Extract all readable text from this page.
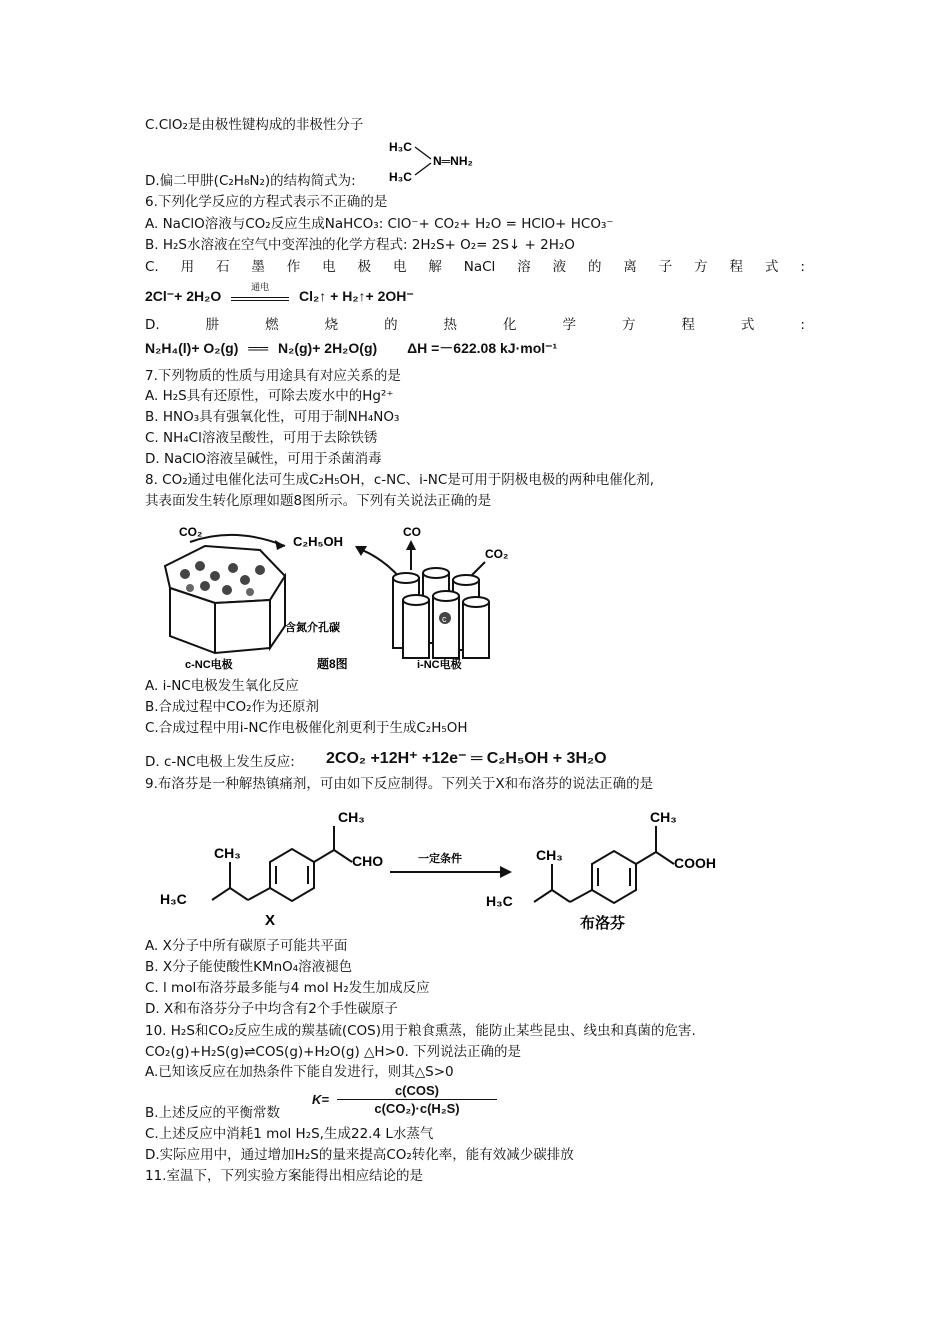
C.ClO₂是由极性键构成的非极性分子
H₃C
H₃C
N═NH₂
D.偏二甲肼(C₂H₈N₂)的结构简式为:
6.下列化学反应的方程式表示不正确的是
A. NaClO溶液与CO₂反应生成NaHCO₃: ClO⁻+ CO₂+ H₂O = HClO+ HCO₃⁻
B. H₂S水溶液在空气中变浑浊的化学方程式: 2H₂S+ O₂= 2S↓ + 2H₂O
C. 用 石 墨 作 电 极 电 解 NaCl 溶 液 的 离 子 方 程 式 :
2Cl⁻+ 2H₂O
通电
Cl₂↑ + H₂↑+ 2OH⁻
D.	肼	燃	烧	的	热	化	学	方	程	式	:
N₂H₄(l)+ O₂(g) ══ N₂(g)+ 2H₂O(g) ΔH =－622.08 kJ·mol⁻¹
7.下列物质的性质与用途具有对应关系的是
A. H₂S具有还原性，可除去废水中的Hg²⁺
B. HNO₃具有强氧化性，可用于制NH₄NO₃
C. NH₄Cl溶液呈酸性，可用于去除铁锈
D. NaClO溶液呈碱性，可用于杀菌消毒
8. CO₂通过电催化法可生成C₂H₅OH，c-NC、i-NC是可用于阴极电极的两种电催化剂,
其表面发生转化原理如题8图所示。下列有关说法正确的是
c
CO₂
C₂H₅OH
CO
CO₂
c
含氮介孔碳
c-NC电极	题8图	i-NC电极
A. i-NC电极发生氧化反应
B.合成过程中CO₂作为还原剂
C.合成过程中用i-NC作电极催化剂更利于生成C₂H₅OH
D. c-NC电极上发生反应: 2CO₂ +12H⁺ +12e⁻ ═ C₂H₅OH + 3H₂O
9.布洛芬是一种解热镇痛剂，可由如下反应制得。下列关于X和布洛芬的说法正确的是
CH₃
CH₃
H₃C
CHO
X
一定条件
CH₃
CH₃
H₃C
COOH
布洛芬
A. X分子中所有碳原子可能共平面
B. X分子能使酸性KMnO₄溶液褪色
C. l mol布洛芬最多能与4 mol H₂发生加成反应
D. X和布洛芬分子中均含有2个手性碳原子
10. H₂S和CO₂反应生成的羰基硫(COS)用于粮食熏蒸，能防止某些昆虫、线虫和真菌的危害.
CO₂(g)+H₂S(g)⇌COS(g)+H₂O(g) △H>0. 下列说法正确的是
A.已知该反应在加热条件下能自发进行，则其△S>0
B.上述反应的平衡常数
K=
c(COS)
c(CO₂)·c(H₂S)
C.上述反应中消耗1 mol H₂S,生成22.4 L水蒸气
D.实际应用中，通过增加H₂S的量来提高CO₂转化率，能有效减少碳排放
11.室温下，下列实验方案能得出相应结论的是
